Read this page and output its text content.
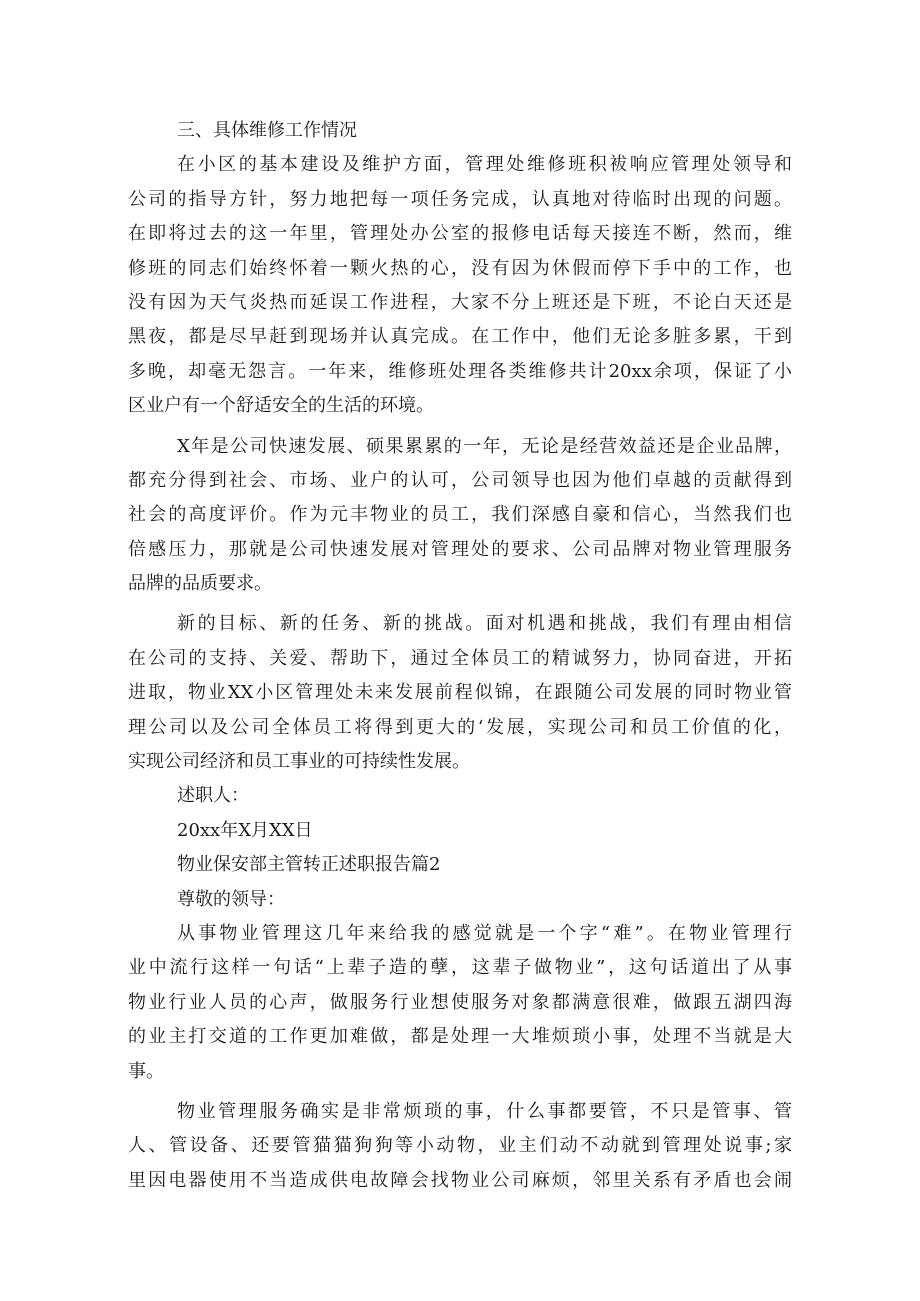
三、具体维修工作情况
在小区的基本建设及维护方面，管理处维修班积袚响应管理处领导和
公司的指导方针，努力地把每一项任务完成，认真地对待临时出现的问题。
在即将过去的这一年里，管理处办公室的报修电话每天接连不断，然而，维
修班的同志们始终怀着一颗火热的心，没有因为休假而停下手中的工作，也
没有因为天气炎热而延误工作进程，大家不分上班还是下班，不论白天还是
黑夜，都是尽早赶到现场并认真完成。在工作中，他们无论多脏多累，干到
多晚，却毫无怨言。一年来，维修班处理各类维修共计20xx余项，保证了小
区业户有一个舒适安全的生活的环境。
X年是公司快速发展、硕果累累的一年，无论是经营效益还是企业品牌，
都充分得到社会、市场、业户的认可，公司领导也因为他们卓越的贡献得到
社会的高度评价。作为元丰物业的员工，我们深感自豪和信心，当然我们也
倍感压力，那就是公司快速发展对管理处的要求、公司品牌对物业管理服务
品牌的品质要求。
新的目标、新的任务、新的挑战。面对机遇和挑战，我们有理由相信
在公司的支持、关爱、帮助下，通过全体员工的精诚努力，协同奋进，开拓
进取，物业XX小区管理处未来发展前程似锦，在跟随公司发展的同时物业管
理公司以及公司全体员工将得到更大的‘发展，实现公司和员工价值的化，
实现公司经济和员工事业的可持续性发展。
述职人：
20xx年X月XX日
物业保安部主管转正述职报告篇2
尊敬的领导：
从事物业管理这几年来给我的感觉就是一个字“难”。在物业管理行
业中流行这样一句话“上辈子造的孽，这辈子做物业”，这句话道出了从事
物业行业人员的心声，做服务行业想使服务对象都满意很难，做跟五湖四海
的业主打交道的工作更加难做，都是处理一大堆烦琐小事，处理不当就是大
事。
物业管理服务确实是非常烦琐的事，什么事都要管，不只是管事、管
人、管设备、还要管猫猫狗狗等小动物，业主们动不动就到管理处说事;家
里因电器使用不当造成供电故障会找物业公司麻烦，邻里关系有矛盾也会闹
